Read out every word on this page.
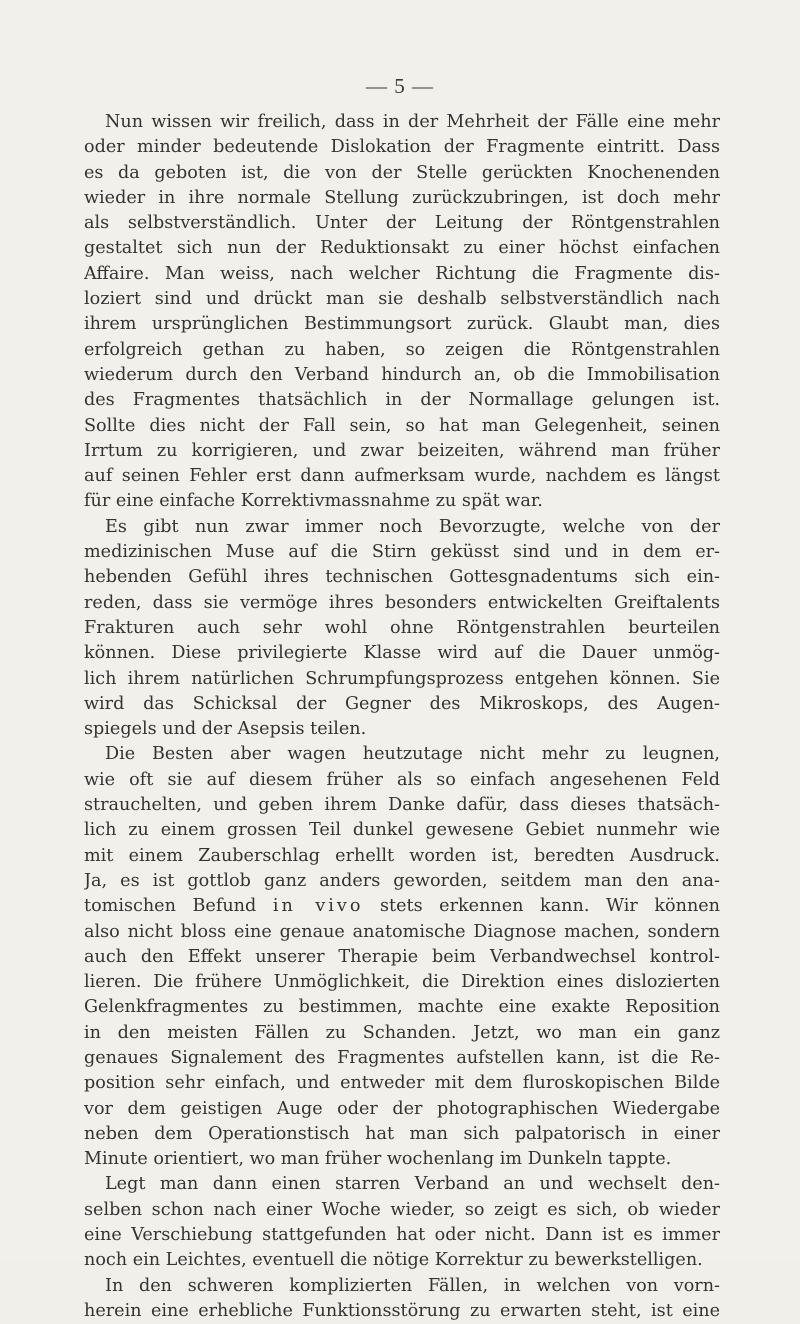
— 5 —
Nun wissen wir freilich, dass in der Mehrheit der Fälle eine mehr
oder minder bedeutende Dislokation der Fragmente eintritt. Dass
es da geboten ist, die von der Stelle gerückten Knochenenden
wieder in ihre normale Stellung zurückzubringen, ist doch mehr
als selbstverständlich. Unter der Leitung der Röntgenstrahlen
gestaltet sich nun der Reduktionsakt zu einer höchst einfachen
Affaire. Man weiss, nach welcher Richtung die Fragmente dis-
loziert sind und drückt man sie deshalb selbstverständlich nach
ihrem ursprünglichen Bestimmungsort zurück. Glaubt man, dies
erfolgreich gethan zu haben, so zeigen die Röntgenstrahlen
wiederum durch den Verband hindurch an, ob die Immobilisation
des Fragmentes thatsächlich in der Normallage gelungen ist.
Sollte dies nicht der Fall sein, so hat man Gelegenheit, seinen
Irrtum zu korrigieren, und zwar beizeiten, während man früher
auf seinen Fehler erst dann aufmerksam wurde, nachdem es längst
für eine einfache Korrektivmassnahme zu spät war.
Es gibt nun zwar immer noch Bevorzugte, welche von der
medizinischen Muse auf die Stirn geküsst sind und in dem er-
hebenden Gefühl ihres technischen Gottesgnadentums sich ein-
reden, dass sie vermöge ihres besonders entwickelten Greiftalents
Frakturen auch sehr wohl ohne Röntgenstrahlen beurteilen
können. Diese privilegierte Klasse wird auf die Dauer unmög-
lich ihrem natürlichen Schrumpfungsprozess entgehen können. Sie
wird das Schicksal der Gegner des Mikroskops, des Augen-
spiegels und der Asepsis teilen.
Die Besten aber wagen heutzutage nicht mehr zu leugnen,
wie oft sie auf diesem früher als so einfach angesehenen Feld
strauchelten, und geben ihrem Danke dafür, dass dieses thatsäch-
lich zu einem grossen Teil dunkel gewesene Gebiet nunmehr wie
mit einem Zauberschlag erhellt worden ist, beredten Ausdruck.
Ja, es ist gottlob ganz anders geworden, seitdem man den ana-
tomischen Befund in vivo stets erkennen kann. Wir können
also nicht bloss eine genaue anatomische Diagnose machen, sondern
auch den Effekt unserer Therapie beim Verbandwechsel kontrol-
lieren. Die frühere Unmöglichkeit, die Direktion eines dislozierten
Gelenkfragmentes zu bestimmen, machte eine exakte Reposition
in den meisten Fällen zu Schanden. Jetzt, wo man ein ganz
genaues Signalement des Fragmentes aufstellen kann, ist die Re-
position sehr einfach, und entweder mit dem fluroskopischen Bilde
vor dem geistigen Auge oder der photographischen Wiedergabe
neben dem Operationstisch hat man sich palpatorisch in einer
Minute orientiert, wo man früher wochenlang im Dunkeln tappte.
Legt man dann einen starren Verband an und wechselt den-
selben schon nach einer Woche wieder, so zeigt es sich, ob wieder
eine Verschiebung stattgefunden hat oder nicht. Dann ist es immer
noch ein Leichtes, eventuell die nötige Korrektur zu bewerkstelligen.
In den schweren komplizierten Fällen, in welchen von vorn-
herein eine erhebliche Funktionsstörung zu erwarten steht, ist eine
